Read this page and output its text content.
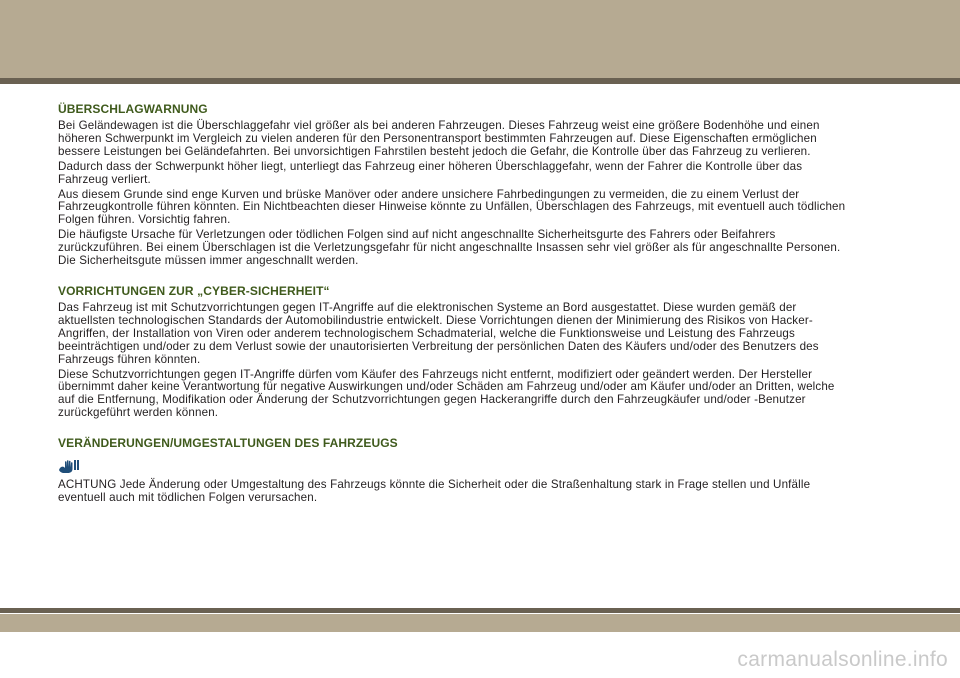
ÜBERSCHLAGWARNUNG

Bei Geländewagen ist die Überschlaggefahr viel größer als bei anderen Fahrzeugen. Dieses Fahrzeug weist eine größere Bodenhöhe und einen höheren Schwerpunkt im Vergleich zu vielen anderen für den Personentransport bestimmten Fahrzeugen auf. Diese Eigenschaften ermöglichen bessere Leistungen bei Geländefahrten. Bei unvorsichtigen Fahrstilen besteht jedoch die Gefahr, die Kontrolle über das Fahrzeug zu verlieren.

Dadurch dass der Schwerpunkt höher liegt, unterliegt das Fahrzeug einer höheren Überschlaggefahr, wenn der Fahrer die Kontrolle über das Fahrzeug verliert.

Aus diesem Grunde sind enge Kurven und brüske Manöver oder andere unsichere Fahrbedingungen zu vermeiden, die zu einem Verlust der Fahrzeugkontrolle führen könnten. Ein Nichtbeachten dieser Hinweise könnte zu Unfällen, Überschlagen des Fahrzeugs, mit eventuell auch tödlichen Folgen führen. Vorsichtig fahren.

Die häufigste Ursache für Verletzungen oder tödlichen Folgen sind auf nicht angeschnallte Sicherheitsgurte des Fahrers oder Beifahrers zurückzuführen. Bei einem Überschlagen ist die Verletzungsgefahr für nicht angeschnallte Insassen sehr viel größer als für angeschnallte Personen. Die Sicherheitsgute müssen immer angeschnallt werden.

VORRICHTUNGEN ZUR „CYBER-SICHERHEIT“

Das Fahrzeug ist mit Schutzvorrichtungen gegen IT-Angriffe auf die elektronischen Systeme an Bord ausgestattet. Diese wurden gemäß der aktuellsten technologischen Standards der Automobilindustrie entwickelt. Diese Vorrichtungen dienen der Minimierung des Risikos von Hacker-Angriffen, der Installation von Viren oder anderem technologischem Schadmaterial, welche die Funktionsweise und Leistung des Fahrzeugs beeinträchtigen und/oder zu dem Verlust sowie der unautorisierten Verbreitung der persönlichen Daten des Käufers und/oder des Benutzers des Fahrzeugs führen könnten.

Diese Schutzvorrichtungen gegen IT-Angriffe dürfen vom Käufer des Fahrzeugs nicht entfernt, modifiziert oder geändert werden. Der Hersteller übernimmt daher keine Verantwortung für negative Auswirkungen und/oder Schäden am Fahrzeug und/oder am Käufer und/oder an Dritten, welche auf die Entfernung, Modifikation oder Änderung der Schutzvorrichtungen gegen Hackerangriffe durch den Fahrzeugkäufer und/oder -Benutzer zurückgeführt werden können.

VERÄNDERUNGEN/UMGESTALTUNGEN DES FAHRZEUGS

ACHTUNG Jede Änderung oder Umgestaltung des Fahrzeugs könnte die Sicherheit oder die Straßenhaltung stark in Frage stellen und Unfälle eventuell auch mit tödlichen Folgen verursachen.

carmanualsonline.info
